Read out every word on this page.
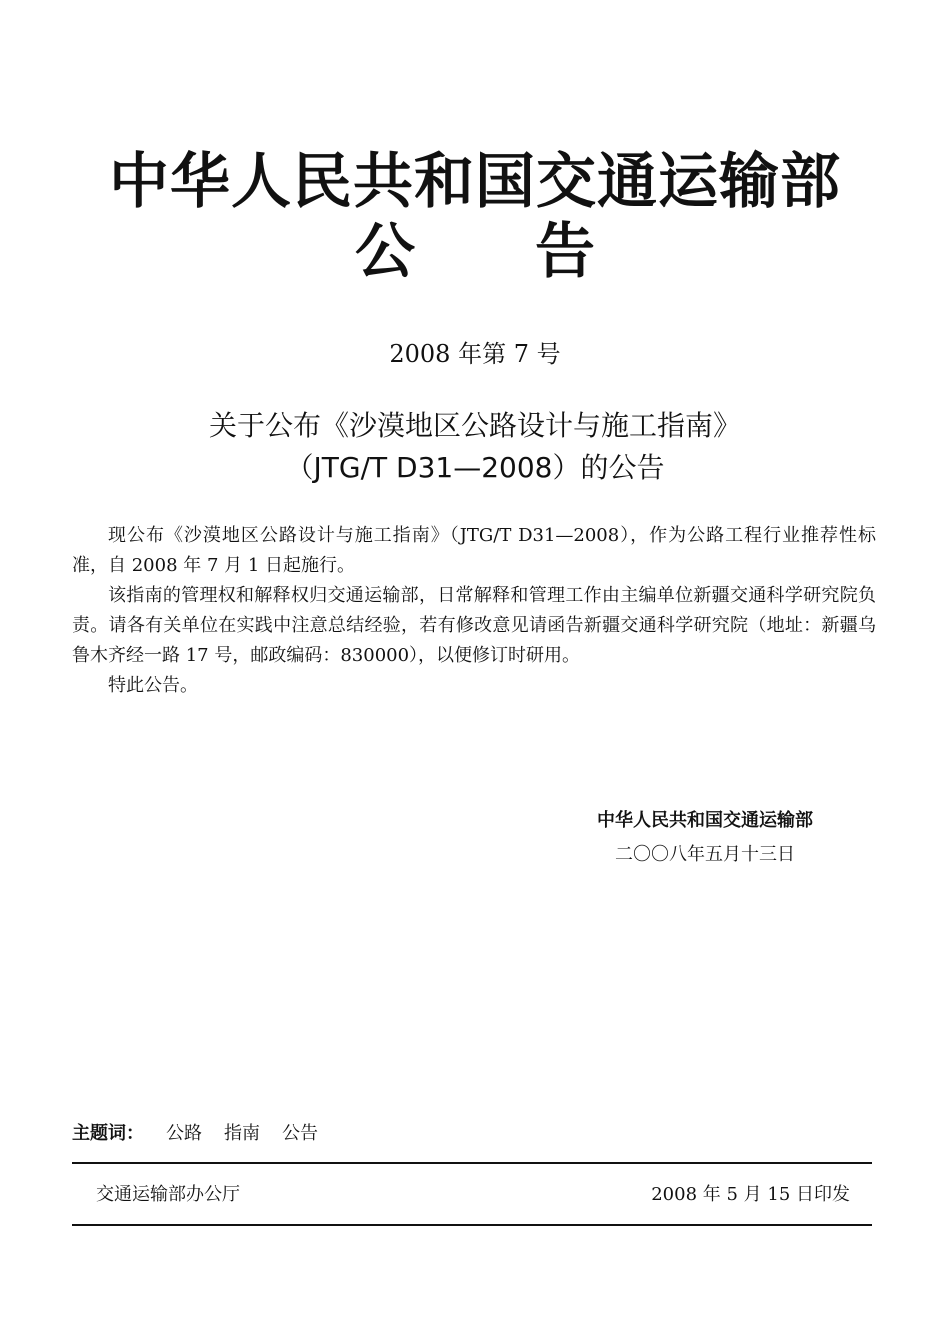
中华人民共和国交通运输部
公告
2008 年第 7 号
关于公布《沙漠地区公路设计与施工指南》
（JTG/T D31—2008）的公告

现公布《沙漠地区公路设计与施工指南》（JTG/T D31—2008），作为公路工程行业推荐性标准，自 2008 年 7 月 1 日起施行。

该指南的管理权和解释权归交通运输部，日常解释和管理工作由主编单位新疆交通科学研究院负责。请各有关单位在实践中注意总结经验，若有修改意见请函告新疆交通科学研究院（地址：新疆乌鲁木齐经一路 17 号，邮政编码：830000），以便修订时研用。

特此公告。

中华人民共和国交通运输部
二〇〇八年五月十三日
主题词： 公路 指南 公告
交通运输部办公厅	2008 年 5 月 15 日印发
